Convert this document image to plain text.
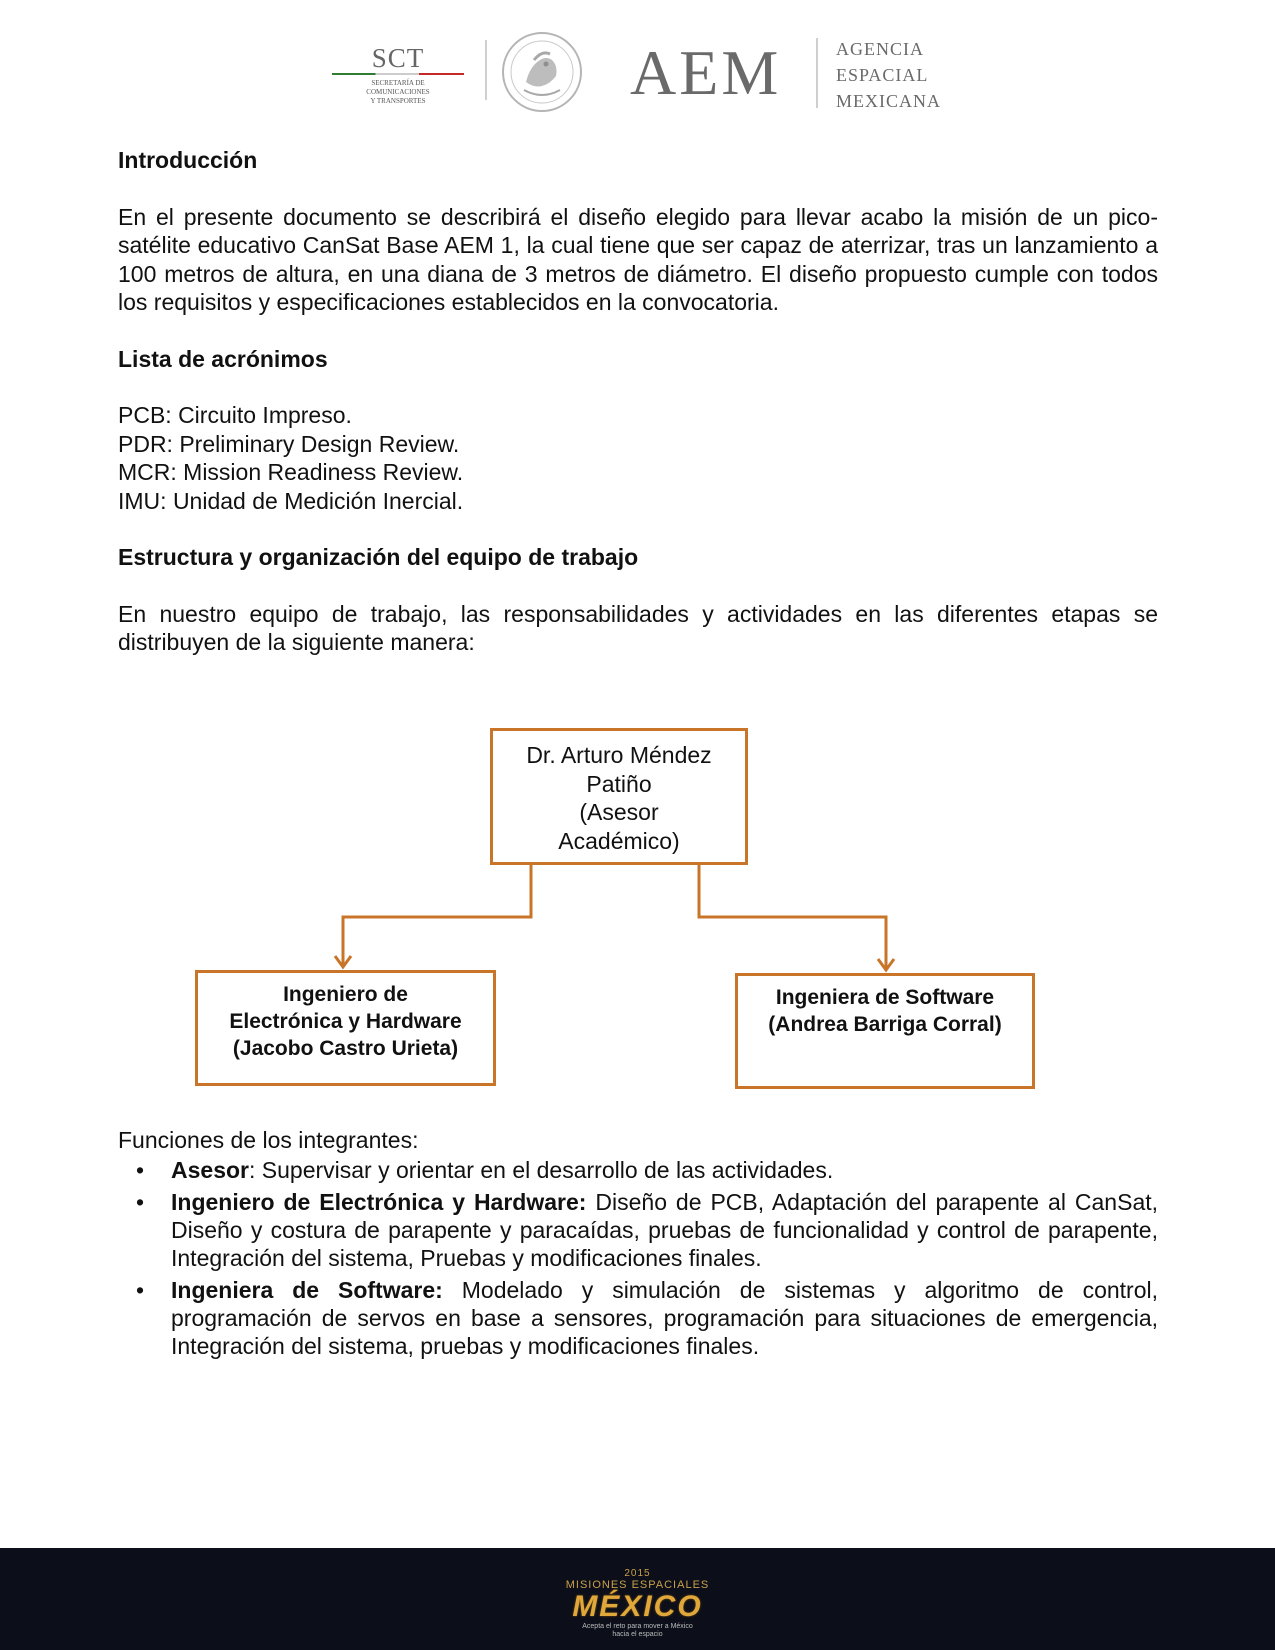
SCT
SECRETARÍA DE
COMUNICACIONES
Y TRANSPORTES	AEM	AGENCIA
ESPACIAL
MEXICANA

Introducción

En el presente documento se describirá el diseño elegido para llevar acabo la misión de un pico-satélite educativo CanSat Base AEM 1, la cual tiene que ser capaz de aterrizar, tras un lanzamiento a 100 metros de altura, en una diana de 3 metros de diámetro. El diseño propuesto cumple con todos los requisitos y especificaciones establecidos en la convocatoria.

Lista de acrónimos

PCB: Circuito Impreso.

PDR: Preliminary Design Review.

MCR: Mission Readiness Review.

IMU: Unidad de Medición Inercial.

Estructura y organización del equipo de trabajo

En nuestro equipo de trabajo, las responsabilidades y actividades en las diferentes etapas se distribuyen de la siguiente manera:

Dr. Arturo Méndez
Patiño
(Asesor
Académico)
Ingeniero de
Electrónica y Hardware
(Jacobo Castro Urieta)
Ingeniera de Software
(Andrea Barriga Corral)

Funciones de los integrantes:

• Asesor: Supervisar y orientar en el desarrollo de las actividades.
• Ingeniero de Electrónica y Hardware: Diseño de PCB, Adaptación del parapente al CanSat, Diseño y costura de parapente y paracaídas, pruebas de funcionalidad y control de parapente, Integración del sistema, Pruebas y modificaciones finales.
• Ingeniera de Software: Modelado y simulación de sistemas y algoritmo de control, programación de servos en base a sensores, programación para situaciones de emergencia, Integración del sistema, pruebas y modificaciones finales.
2015
MISIONES ESPACIALES
MÉXICO
Acepta el reto para mover a México
hacia el espacio
